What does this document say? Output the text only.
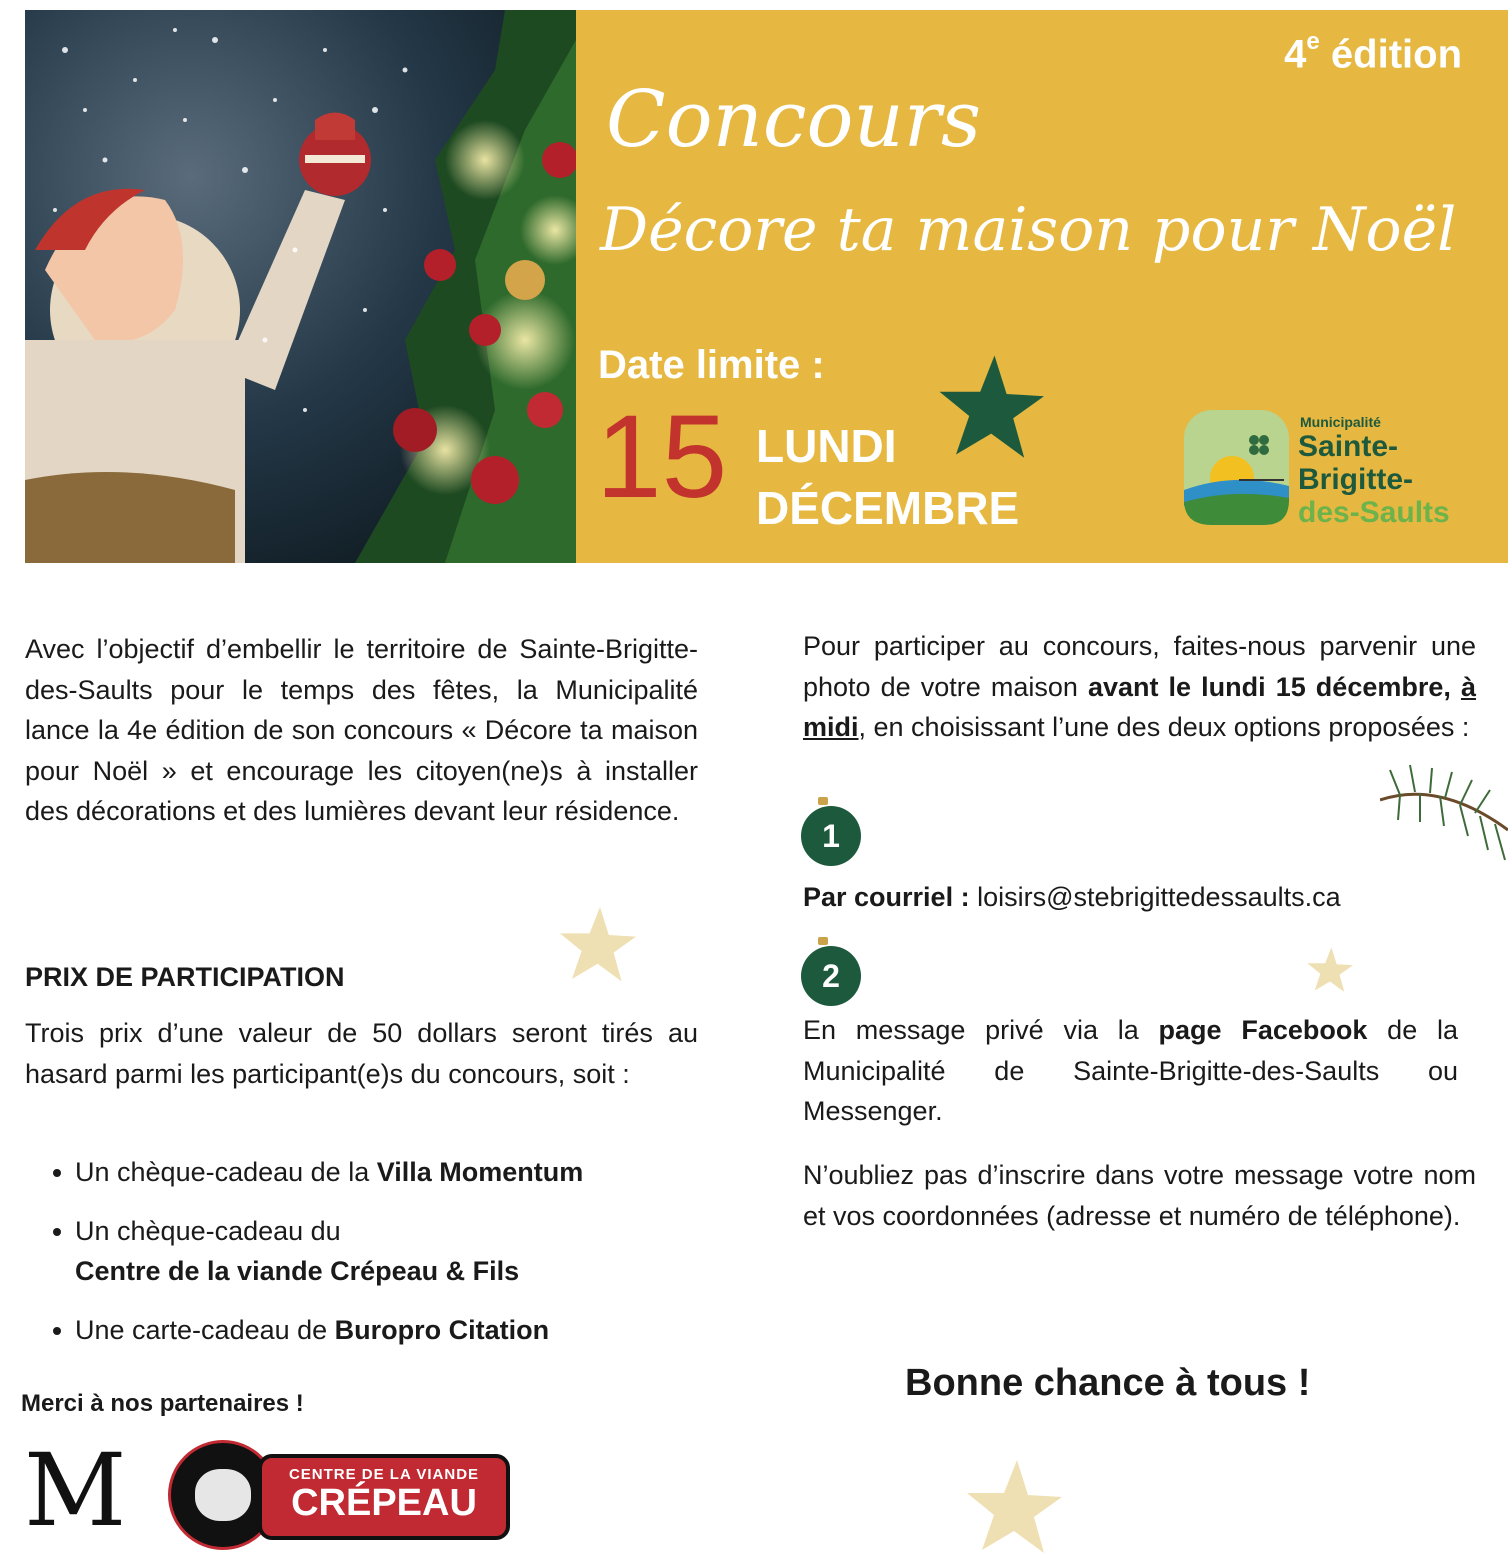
4e édition
Concours
Décore ta maison pour Noël
Date limite :
15 LUNDI
DÉCEMBRE
Municipalité
Sainte-
Brigitte-
des-Saults

Avec l’objectif d’embellir le territoire de Sainte-Brigitte-des-Saults pour le temps des fêtes, la Municipalité lance la 4e édition de son concours « Décore ta maison pour Noël » et encourage les citoyen(ne)s à installer des décorations et des lumières devant leur résidence.

PRIX DE PARTICIPATION

Trois prix d’une valeur de 50 dollars seront tirés au hasard parmi les participant(e)s du concours, soit :

Un chèque-cadeau de la Villa Momentum
Un chèque-cadeau du
Centre de la viande Crépeau & Fils
Une carte-cadeau de Buropro Citation
Merci à nos partenaires !
M	CENTRE DE LA VIANDE
CRÉPEAU

Pour participer au concours, faites-nous parvenir une photo de votre maison avant le lundi 15 décembre, à midi, en choisissant l’une des deux options proposées :

1

Par courriel : loisirs@stebrigittedessaults.ca

2

En message privé via la page Facebook de la Municipalité de Sainte-Brigitte-des-Saults ou Messenger.

N’oubliez pas d’inscrire dans votre message votre nom et vos coordonnées (adresse et numéro de téléphone).

Bonne chance à tous !
